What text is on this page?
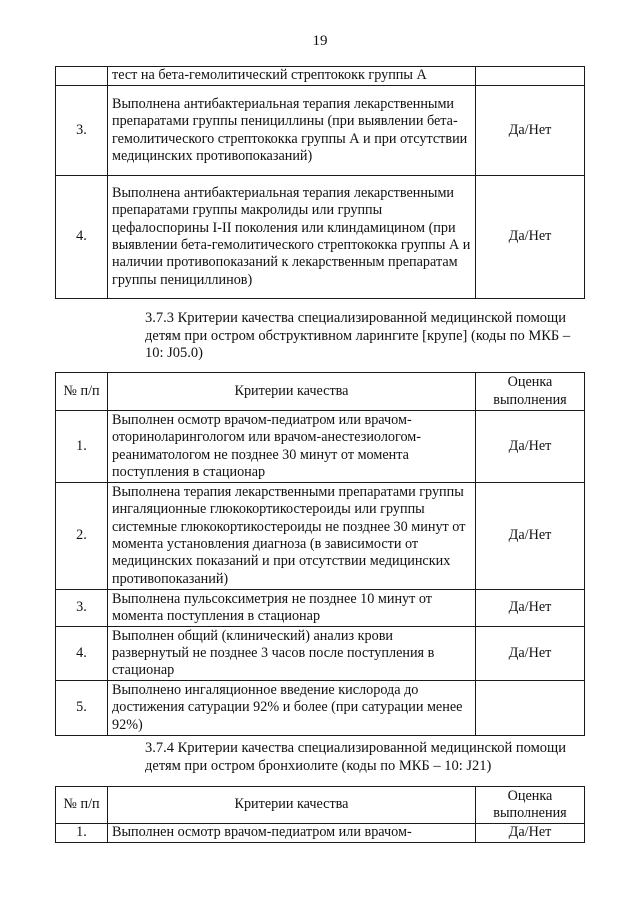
19
	тест на бета-гемолитический стрептококк группы А	
3.	Выполнена антибактериальная терапия лекарственными препаратами группы пенициллины (при выявлении бета-гемолитического стрептококка группы А и при отсутствии медицинских противопоказаний)	Да/Нет
4.	Выполнена антибактериальная терапия лекарственными препаратами группы макролиды или группы цефалоспорины I-II поколения или клиндамицином (при выявлении бета-гемолитического стрептококка группы А и наличии противопоказаний к лекарственным препаратам группы пенициллинов)	Да/Нет
3.7.3 Критерии качества специализированной медицинской помощи детям при остром обструктивном ларингите [крупе] (коды по МКБ – 10: J05.0)
№ п/п	Критерии качества	Оценка выполнения
1.	Выполнен осмотр врачом-педиатром или врачом-оториноларингологом или врачом-анестезиологом-реаниматологом не позднее 30 минут от момента поступления в стационар	Да/Нет
2.	Выполнена терапия лекарственными препаратами группы ингаляционные глюкокортикостероиды или группы системные глюкокортикостероиды не позднее 30 минут от момента установления диагноза (в зависимости от медицинских показаний и при отсутствии медицинских противопоказаний)	Да/Нет
3.	Выполнена пульсоксиметрия не позднее 10 минут от момента поступления в стационар	Да/Нет
4.	Выполнен общий (клинический) анализ крови развернутый не позднее 3 часов после поступления в стационар	Да/Нет
5.	Выполнено ингаляционное введение кислорода до достижения сатурации 92% и более (при сатурации менее 92%)	
3.7.4 Критерии качества специализированной медицинской помощи детям при остром бронхиолите (коды по МКБ – 10: J21)
№ п/п	Критерии качества	Оценка выполнения
1.	Выполнен осмотр врачом-педиатром или врачом-	Да/Нет
